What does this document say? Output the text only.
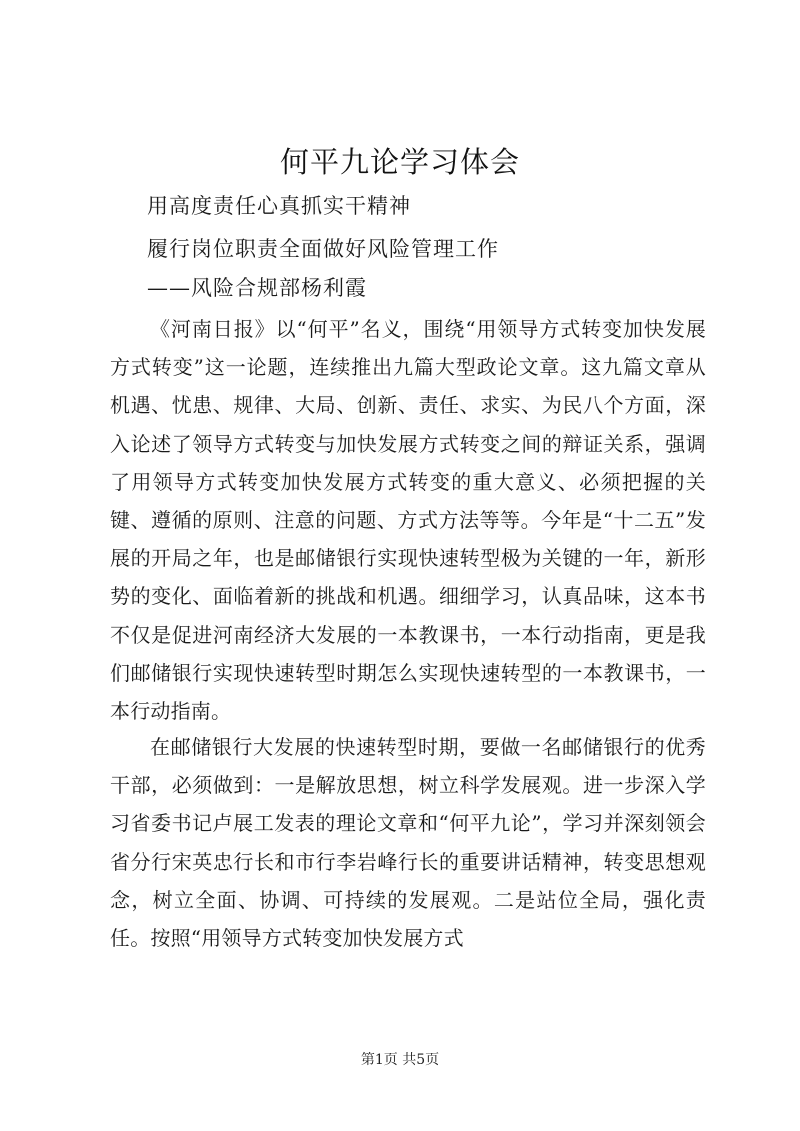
何平九论学习体会
用高度责任心真抓实干精神
履行岗位职责全面做好风险管理工作
——风险合规部杨利霞

《河南日报》以“何平”名义，围绕“用领导方式转变加快发展方式转变”这一论题，连续推出九篇大型政论文章。这九篇文章从机遇、忧患、规律、大局、创新、责任、求实、为民八个方面，深入论述了领导方式转变与加快发展方式转变之间的辩证关系，强调了用领导方式转变加快发展方式转变的重大意义、必须把握的关键、遵循的原则、注意的问题、方式方法等等。今年是“十二五”发展的开局之年，也是邮储银行实现快速转型极为关键的一年，新形势的变化、面临着新的挑战和机遇。细细学习，认真品味，这本书不仅是促进河南经济大发展的一本教课书，一本行动指南，更是我们邮储银行实现快速转型时期怎么实现快速转型的一本教课书，一本行动指南。

在邮储银行大发展的快速转型时期，要做一名邮储银行的优秀干部，必须做到：一是解放思想，树立科学发展观。进一步深入学习省委书记卢展工发表的理论文章和“何平九论”，学习并深刻领会省分行宋英忠行长和市行李岩峰行长的重要讲话精神，转变思想观念，树立全面、协调、可持续的发展观。二是站位全局，强化责任。按照“用领导方式转变加快发展方式

第1页 共5页
